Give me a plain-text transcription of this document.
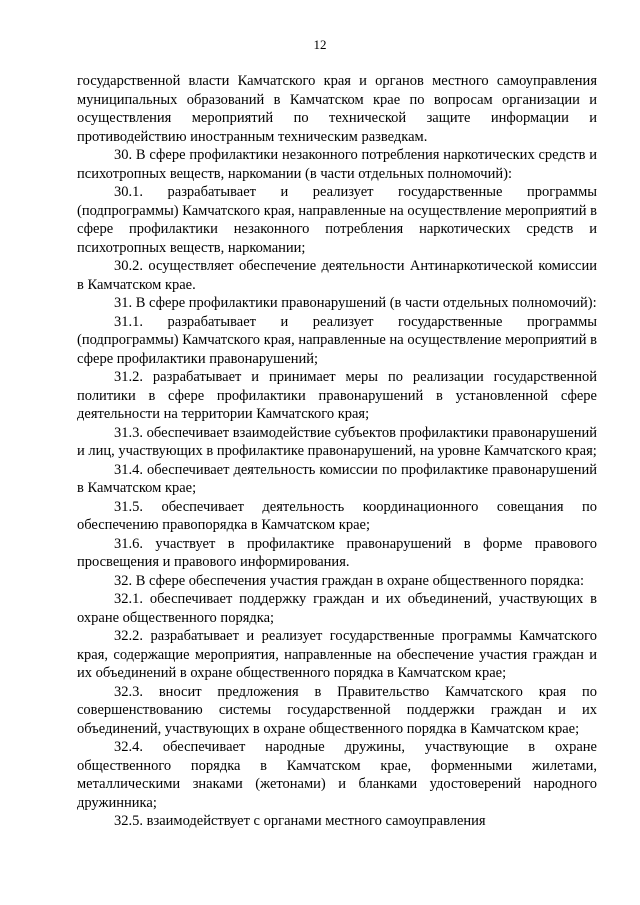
12

государственной власти Камчатского края и органов местного самоуправления муниципальных образований в Камчатском крае по вопросам организации и осуществления мероприятий по технической защите информации и противодействию иностранным техническим разведкам.

30. В сфере профилактики незаконного потребления наркотических средств и психотропных веществ, наркомании (в части отдельных полномочий):

30.1. разрабатывает и реализует государственные программы (подпрограммы) Камчатского края, направленные на осуществление мероприятий в сфере профилактики незаконного потребления наркотических средств и психотропных веществ, наркомании;

30.2. осуществляет обеспечение деятельности Антинаркотической комиссии в Камчатском крае.

31. В сфере профилактики правонарушений (в части отдельных полномочий):

31.1. разрабатывает и реализует государственные программы (подпрограммы) Камчатского края, направленные на осуществление мероприятий в сфере профилактики правонарушений;

31.2. разрабатывает и принимает меры по реализации государственной политики в сфере профилактики правонарушений в установленной сфере деятельности на территории Камчатского края;

31.3. обеспечивает взаимодействие субъектов профилактики правонарушений и лиц, участвующих в профилактике правонарушений, на уровне Камчатского края;

31.4. обеспечивает деятельность комиссии по профилактике правонарушений в Камчатском крае;

31.5. обеспечивает деятельность координационного совещания по обеспечению правопорядка в Камчатском крае;

31.6. участвует в профилактике правонарушений в форме правового просвещения и правового информирования.

32. В сфере обеспечения участия граждан в охране общественного порядка:

32.1. обеспечивает поддержку граждан и их объединений, участвующих в охране общественного порядка;

32.2. разрабатывает и реализует государственные программы Камчатского края, содержащие мероприятия, направленные на обеспечение участия граждан и их объединений в охране общественного порядка в Камчатском крае;

32.3. вносит предложения в Правительство Камчатского края по совершенствованию системы государственной поддержки граждан и их объединений, участвующих в охране общественного порядка в Камчатском крае;

32.4. обеспечивает народные дружины, участвующие в охране общественного порядка в Камчатском крае, форменными жилетами, металлическими знаками (жетонами) и бланками удостоверений народного дружинника;

32.5. взаимодействует с органами местного самоуправления
